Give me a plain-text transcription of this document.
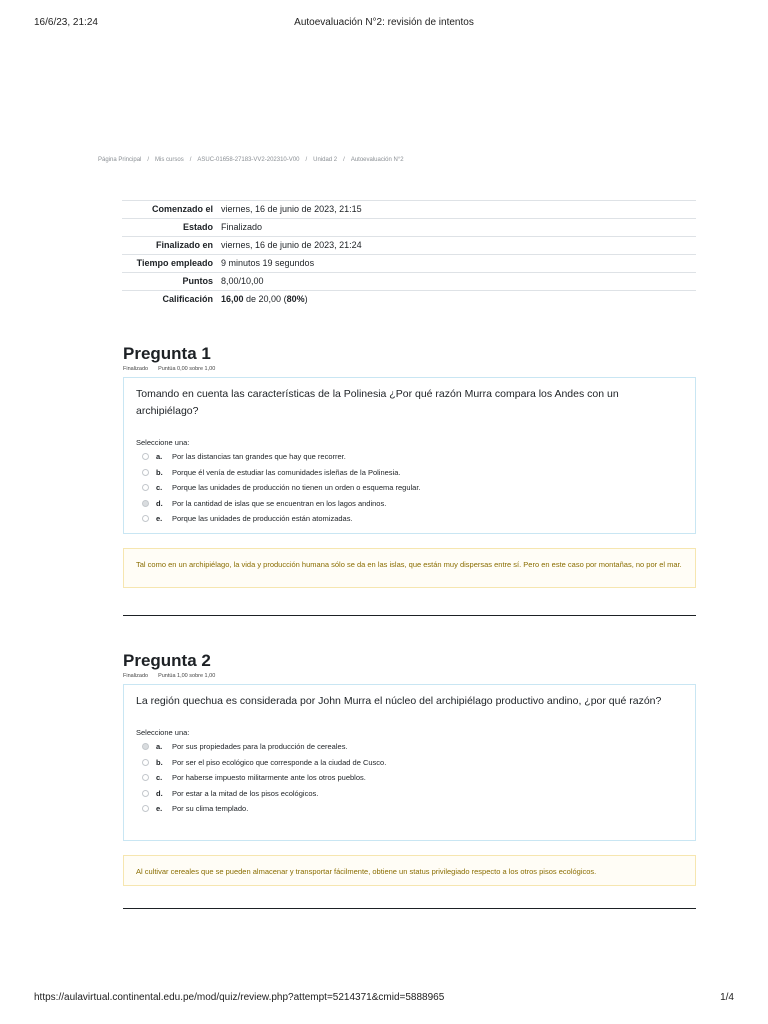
16/6/23, 21:24	Autoevaluación N°2: revisión de intentos
Página Principal / Mis cursos / ASUC-01658-27183-VV2-202310-V00 / Unidad 2 / Autoevaluación N°2
Comenzado el	viernes, 16 de junio de 2023, 21:15
Estado	Finalizado
Finalizado en	viernes, 16 de junio de 2023, 21:24
Tiempo empleado	9 minutos 19 segundos
Puntos	8,00/10,00
Calificación	16,00 de 20,00 (80%)
Pregunta 1
Finalizado Puntúa 0,00 sobre 1,00

Tomando en cuenta las características de la Polinesia ¿Por qué razón Murra compara los Andes con un archipiélago?

Seleccione una:
a.	Por las distancias tan grandes que hay que recorrer.
b.	Porque él venía de estudiar las comunidades isleñas de la Polinesia.
c.	Porque las unidades de producción no tienen un orden o esquema regular.
d.	Por la cantidad de islas que se encuentran en los lagos andinos.
e.	Porque las unidades de producción están atomizadas.
Tal como en un archipiélago, la vida y producción humana sólo se da en las islas, que están muy dispersas entre sí. Pero en este caso por montañas, no por el mar.
Pregunta 2
Finalizado Puntúa 1,00 sobre 1,00

La región quechua es considerada por John Murra el núcleo del archipiélago productivo andino, ¿por qué razón?

Seleccione una:
a.	Por sus propiedades para la producción de cereales.
b.	Por ser el piso ecológico que corresponde a la ciudad de Cusco.
c.	Por haberse impuesto militarmente ante los otros pueblos.
d.	Por estar a la mitad de los pisos ecológicos.
e.	Por su clima templado.
Al cultivar cereales que se pueden almacenar y transportar fácilmente, obtiene un status privilegiado respecto a los otros pisos ecológicos.
https://aulavirtual.continental.edu.pe/mod/quiz/review.php?attempt=5214371&cmid=5888965	1/4
